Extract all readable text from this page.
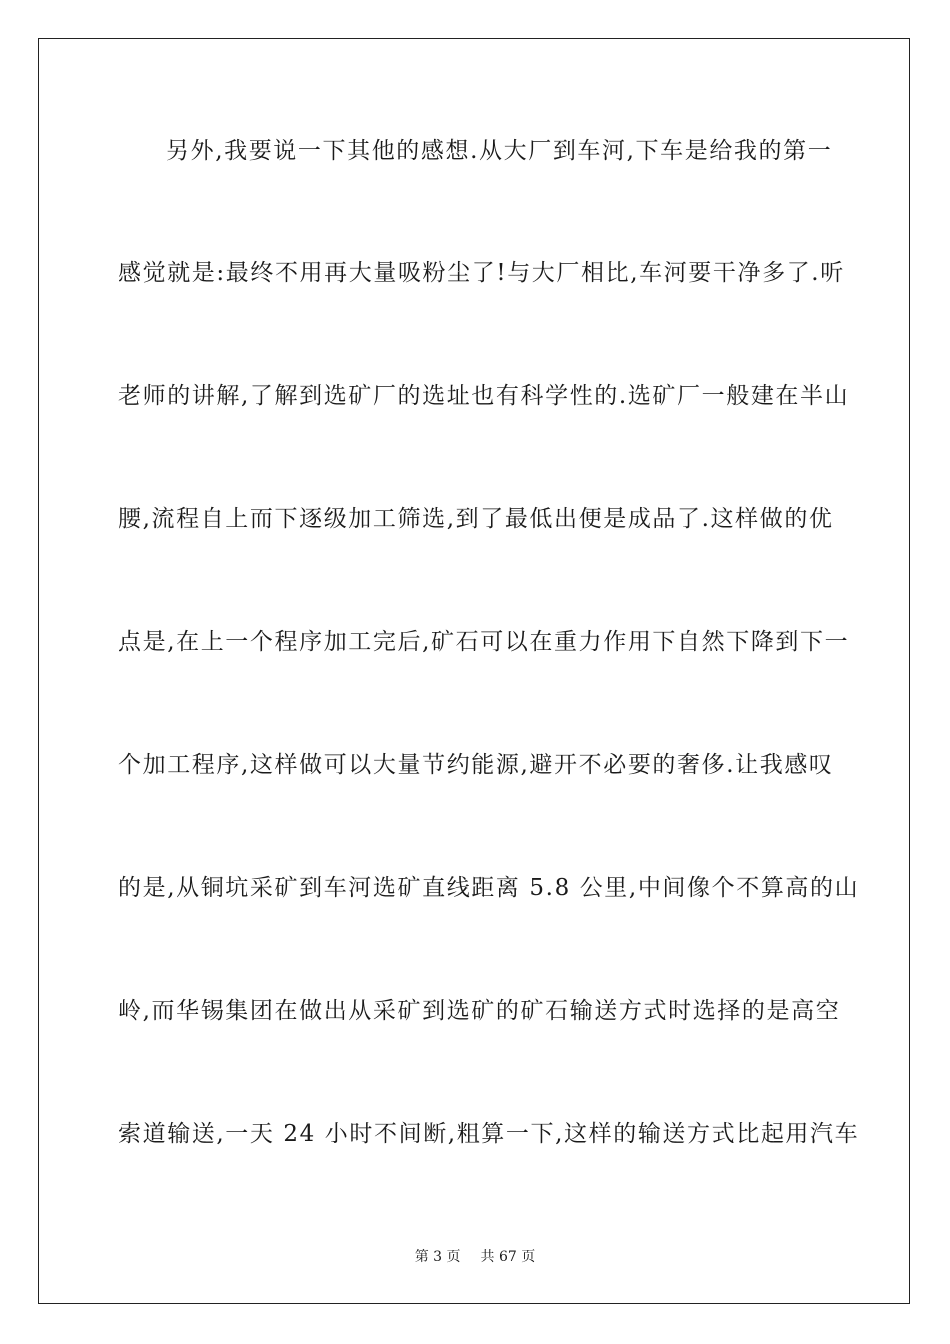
另外,我要说一下其他的感想.从大厂到车河,下车是给我的第一
感觉就是:最终不用再大量吸粉尘了!与大厂相比,车河要干净多了.听
老师的讲解,了解到选矿厂的选址也有科学性的.选矿厂一般建在半山
腰,流程自上而下逐级加工筛选,到了最低出便是成品了.这样做的优
点是,在上一个程序加工完后,矿石可以在重力作用下自然下降到下一
个加工程序,这样做可以大量节约能源,避开不必要的奢侈.让我感叹
的是,从铜坑采矿到车河选矿直线距离 5.8 公里,中间像个不算高的山
岭,而华锡集团在做出从采矿到选矿的矿石输送方式时选择的是高空
索道输送,一天 24 小时不间断,粗算一下,这样的输送方式比起用汽车
第 3 页 共 67 页
